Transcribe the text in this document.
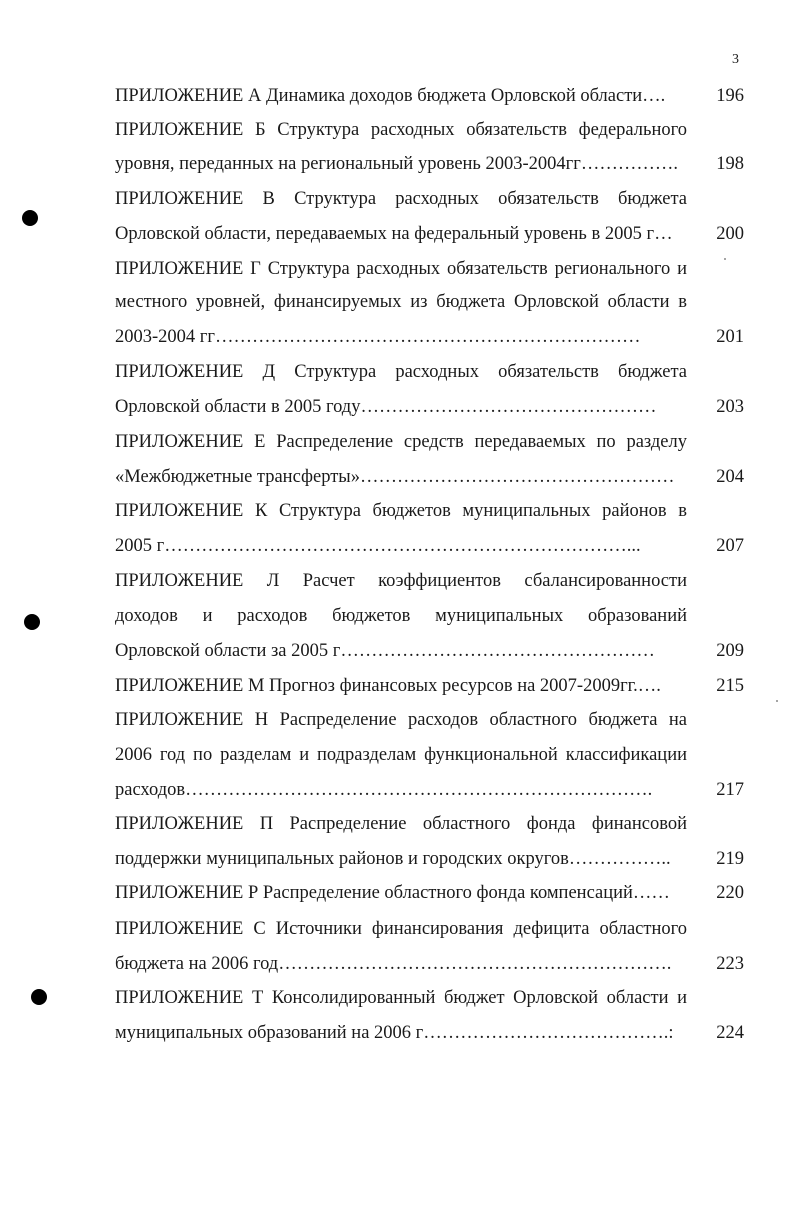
3
ПРИЛОЖЕНИЕ А Динамика доходов бюджета Орловской области….	196
ПРИЛОЖЕНИЕ Б Структура расходных обязательств федерального
уровня, переданных на региональный уровень 2003-2004гг…………….	198
ПРИЛОЖЕНИЕ В Структура расходных обязательств бюджета
Орловской области, передаваемых на федеральный уровень в 2005 г…	200
ПРИЛОЖЕНИЕ Г Структура расходных обязательств регионального и
местного уровней, финансируемых из бюджета Орловской области в
2003-2004 гг……………………………………………………………	201
ПРИЛОЖЕНИЕ Д Структура расходных обязательств бюджета
Орловской области в 2005 году…………………………………………	203
ПРИЛОЖЕНИЕ Е Распределение средств передаваемых по разделу
«Межбюджетные трансферты»……………………………………………	204
ПРИЛОЖЕНИЕ К Структура бюджетов муниципальных районов в
2005 г…………………………………………………………………...	207
ПРИЛОЖЕНИЕ Л Расчет коэффициентов сбалансированности
доходов и расходов бюджетов муниципальных образований
Орловской области за 2005 г……………………………………………	209
ПРИЛОЖЕНИЕ М Прогноз финансовых ресурсов на 2007-2009гг.….	215
ПРИЛОЖЕНИЕ Н Распределение расходов областного бюджета на
2006 год по разделам и подразделам функциональной классификации
расходов………………………………………………………………….	217
ПРИЛОЖЕНИЕ П Распределение областного фонда финансовой
поддержки муниципальных районов и городских округов……………..	219
ПРИЛОЖЕНИЕ Р Распределение областного фонда компенсаций……	220
ПРИЛОЖЕНИЕ С Источники финансирования дефицита областного
бюджета на 2006 год……………………………………………………….	223
ПРИЛОЖЕНИЕ Т Консолидированный бюджет Орловской области и
муниципальных образований на 2006 г………………………………….:	224
